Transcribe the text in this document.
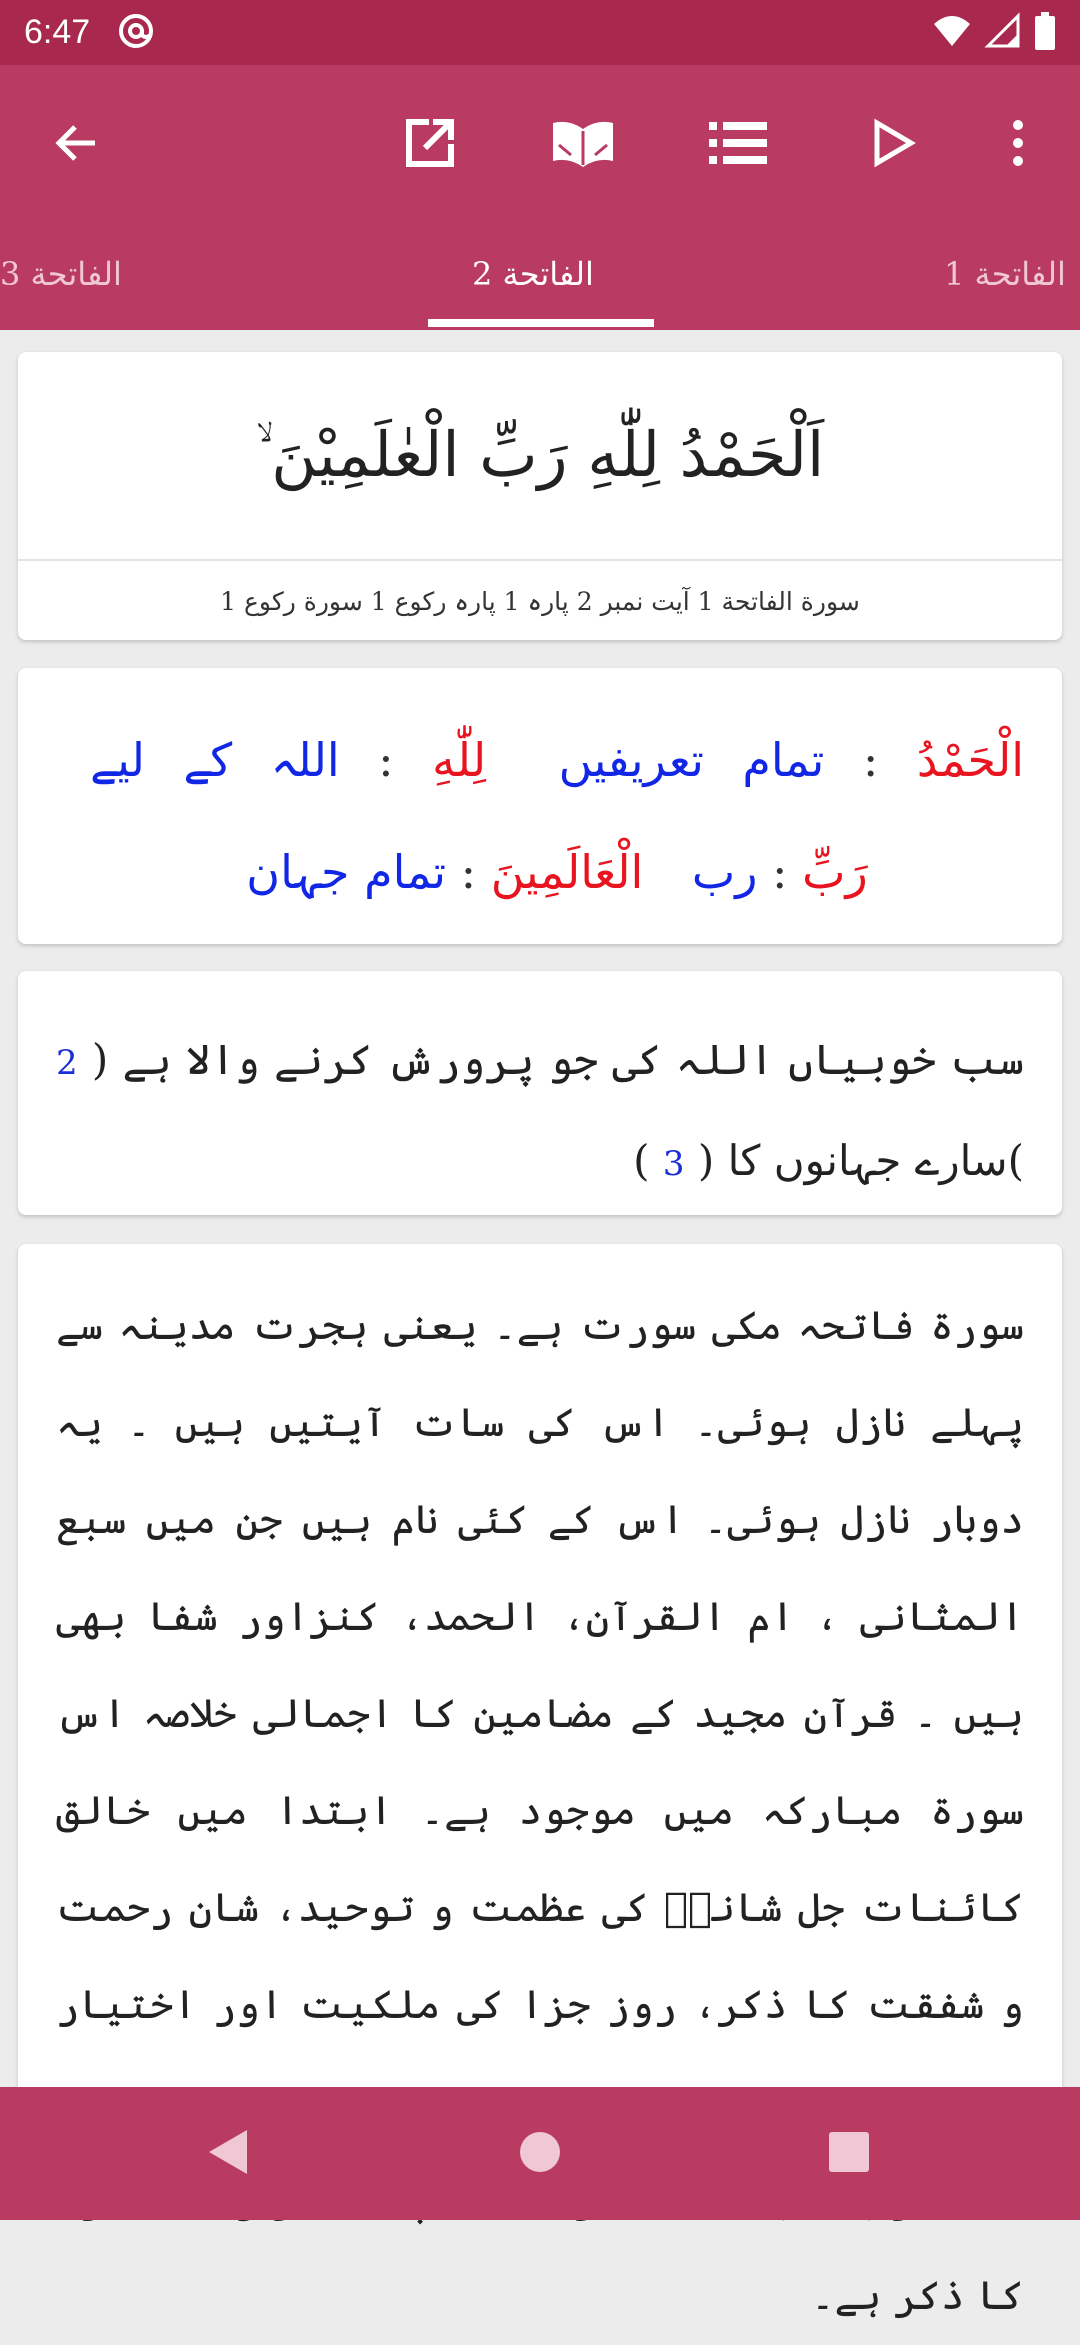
6:47
الفاتحة 3	الفاتحة 2	الفاتحة 1
اَلْحَمْدُ لِلّٰهِ رَبِّ الْعٰلَمِیْنَ ۙ
سورة الفاتحة 1 آیت نمبر 2 پارہ 1 پارہ رکوع 1 سورة رکوع 1
الْحَمْدُ : تمام تعریفیں لِلّٰهِ : اللہ کے لیے رَبِّ : رب الْعَالَمِينَ : تمام جہان
سب خوبیاں اللہ کی جو پرورش کرنے والا ہے ( 2 )سارے جہانوں کا ( 3 )
سورۃ فاتحہ مکی سورت ہے۔ یعنی ہجرت مدینہ سے پہلے نازل ہوئی۔ اس کی سات آیتیں ہیں ۔ یہ دوبار نازل ہوئی۔ اس کے کئی نام ہیں جن میں سبع المثانی ، ام القرآن، الحمد، کنزاور شفا بھی ہیں ۔ قرآن مجید کے مضامین کا اجمالی خلاصہ اس سورۃ مبارکہ میں موجود ہے۔ ابتدا میں خالق کائنات جل شانہٗ کی عظمت و توحید، شان رحمت و شفقت کا ذکر، روز جزا کی ملکیت اور اختیار کا ذکر ہے۔
